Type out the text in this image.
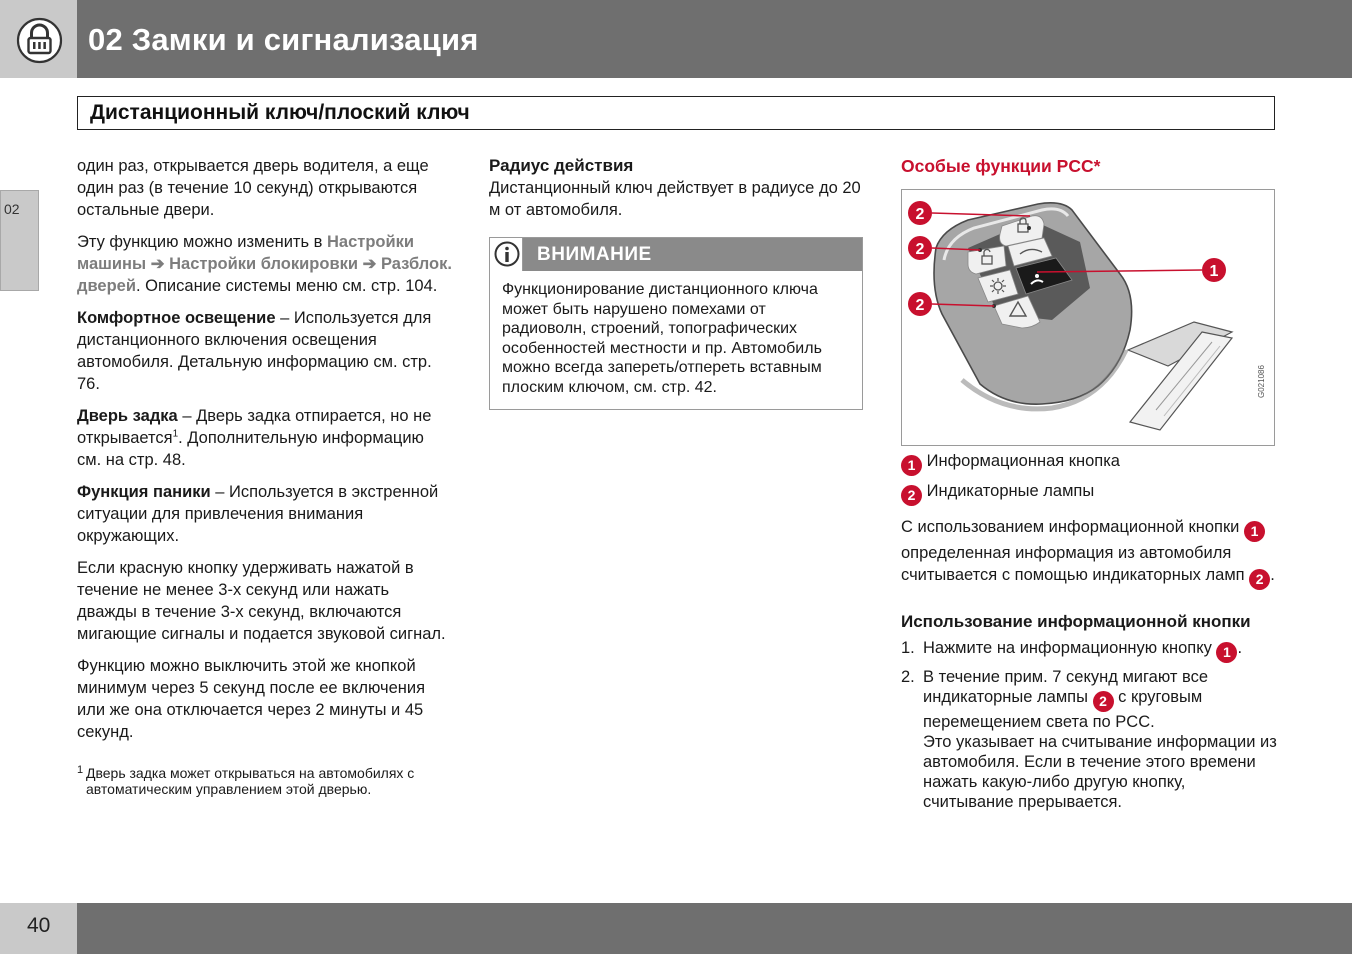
02 Замки и сигнализация
Дистанционный ключ/плоский ключ
02

один раз, открывается дверь водителя, а еще один раз (в течение 10 секунд) открываются остальные двери.

Эту функцию можно изменить в Настройки машины ➔ Настройки блокировки ➔ Разблок. дверей. Описание системы меню см. стр. 104.

Комфортное освещение – Используется для дистанционного включения освещения автомобиля. Детальную информацию см. стр. 76.

Дверь задка – Дверь задка отпирается, но не открывается$^1$. Дополнительную информацию см. на стр. 48.

Функция паники – Используется в экстренной ситуации для привлечения внимания окружающих.

Если красную кнопку удерживать нажатой в течение не менее 3-х секунд или нажать дважды в течение 3-х секунд, включаются мигающие сигналы и подается звуковой сигнал.

Функцию можно выключить этой же кнопкой минимум через 5 секунд после ее включения или же она отключается через 2 минуты и 45 секунд.

1 Дверь задка может открываться на автомобилях с автоматическим управлением этой дверью.
Радиус действия

Дистанционный ключ действует в радиусе до 20 м от автомобиля.

ВНИМАНИЕ
Функционирование дистанционного ключа может быть нарушено помехами от радиоволн, строений, топографических особенностей местности и пр. Автомобиль можно всегда запереть/отпереть вставным плоским ключом, см. стр. 42.
Особые функции PCC*
2
2
2
1
G021086
1 Информационная кнопка
2 Индикаторные лампы

С использованием информационной кнопки 1 определенная информация из автомобиля считывается с помощью индикаторных ламп 2 .

Использование информационной кнопки
1. Нажмите на информационную кнопку 1 .
2. В течение прим. 7 секунд мигают все индикаторные лампы 2 с круговым перемещением света по PCC.
Это указывает на считывание информации из автомобиля. Если в течение этого времени нажать какую-либо другую кнопку, считывание прерывается.
40
